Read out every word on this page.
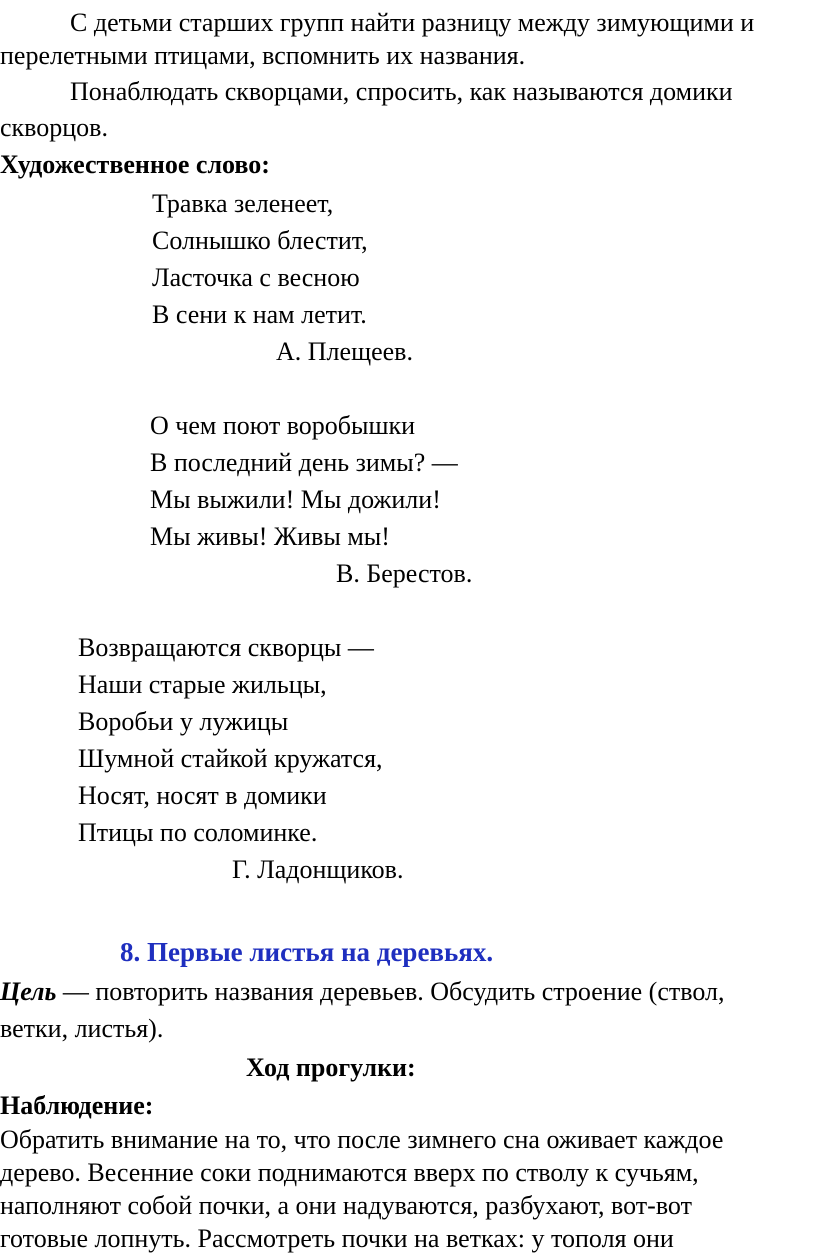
С детьми старших групп найти разницу между зимующими и
перелетными птицами, вспомнить их названия.
Понаблюдать скворцами, спросить, как называются домики
скворцов.
Художественное слово:
Травка зеленеет,
Солнышко блестит,
Ласточка с весною
В сени к нам летит.
А. Плещеев.
О чем поют воробышки
В последний день зимы? —
Мы выжили! Мы дожили!
Мы живы! Живы мы!
В. Берестов.
Возвращаются скворцы —
Наши старые жильцы,
Воробьи у лужицы
Шумной стайкой кружатся,
Носят, носят в домики
Птицы по соломинке.
Г. Ладонщиков.
8. Первые листья на деревьях.
Цель — повторить названия деревьев. Обсудить строение (ствол,
ветки, листья).
Ход прогулки:
Наблюдение:
Обратить внимание на то, что после зимнего сна оживает каждое
дерево. Весенние соки поднимаются вверх по стволу к сучьям,
наполняют собой почки, а они надуваются, разбухают, вот-вот
готовые лопнуть. Рассмотреть почки на ветках: у тополя они
